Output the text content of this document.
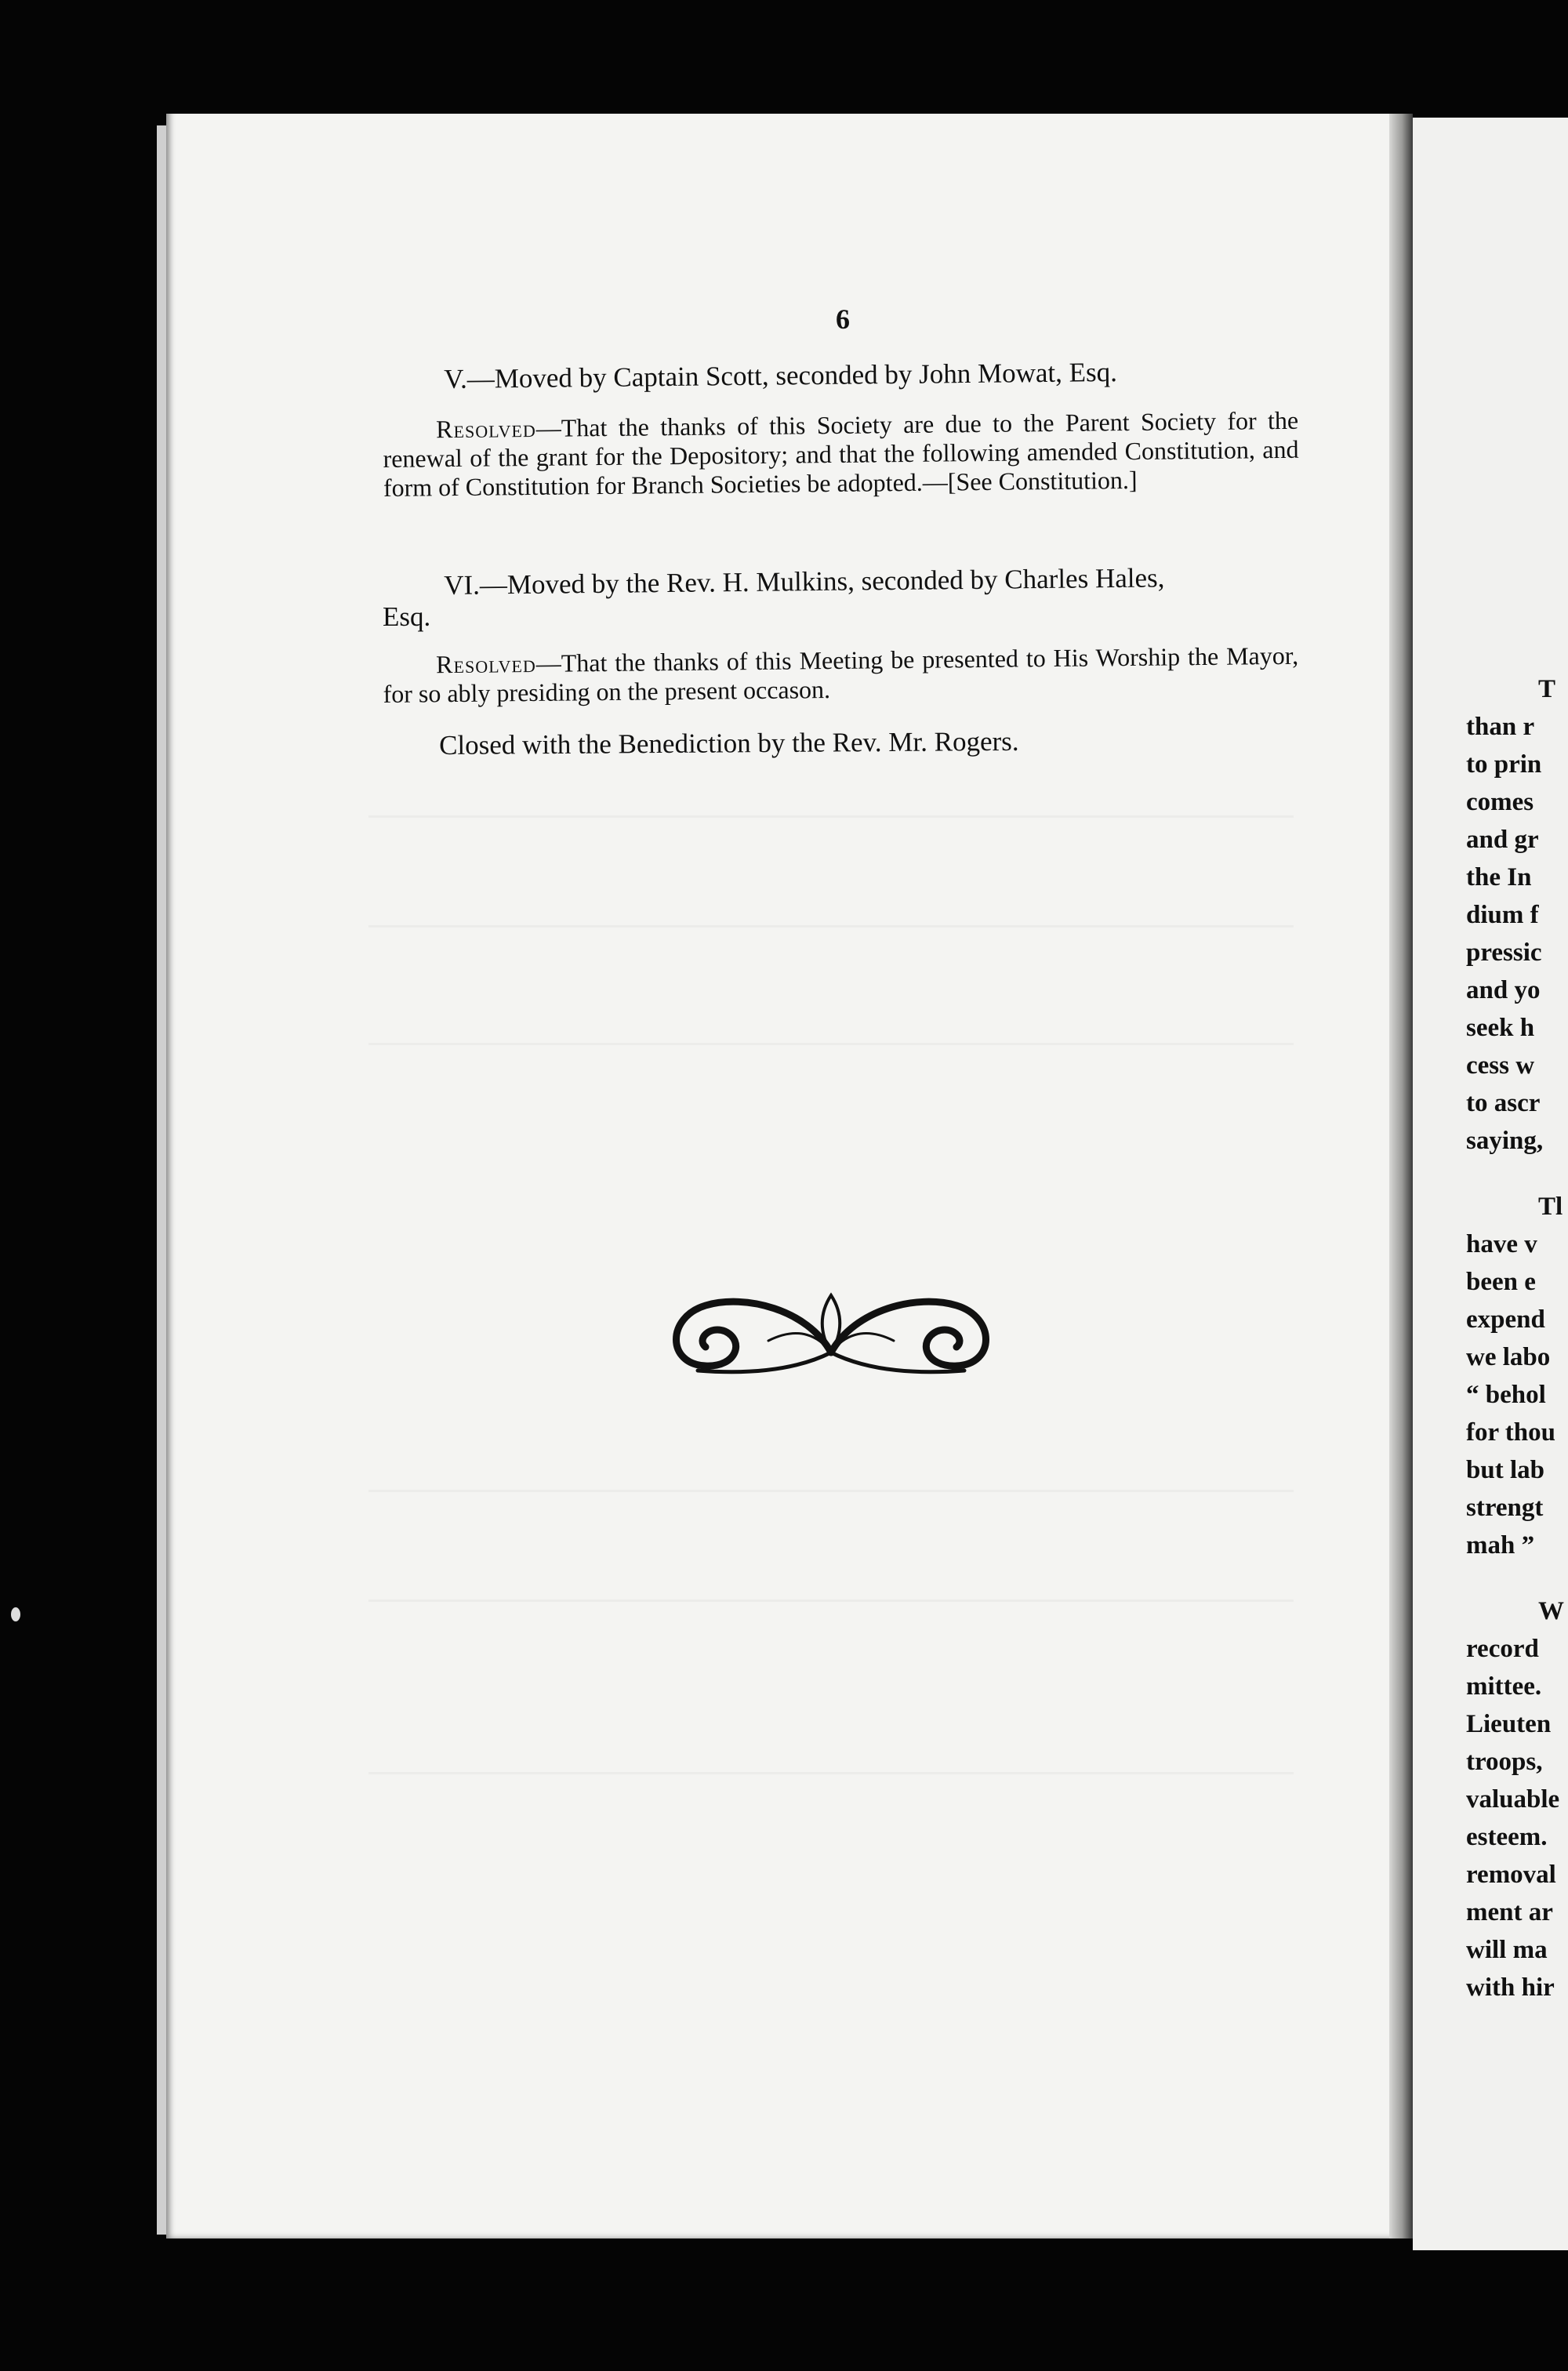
6
V.—Moved by Captain Scott, seconded by John Mowat, Esq.
Resolved—That the thanks of this Society are due to the Parent Society for the renewal of the grant for the Depository; and that the following amended Constitution, and form of Constitution for Branch Societies be adopted.—[See Constitution.]
VI.—Moved by the Rev. H. Mulkins, seconded by Charles Hales,
Esq.
Resolved—That the thanks of this Meeting be presented to His Worship the Mayor, for so ably presiding on the present occason.
Closed with the Benediction by the Rev. Mr. Rogers.
T
than r
to prin
comes
and gr
the In
dium f
pressic
and yo
seek h
cess w
to ascr
saying,
Tl
have v
been e
expend
we labo
“ behol
for thou
but lab
strengt
mah ”
W
record
mittee.
Lieuten
troops,
valuable
esteem.
removal
ment ar
will ma
with hir
